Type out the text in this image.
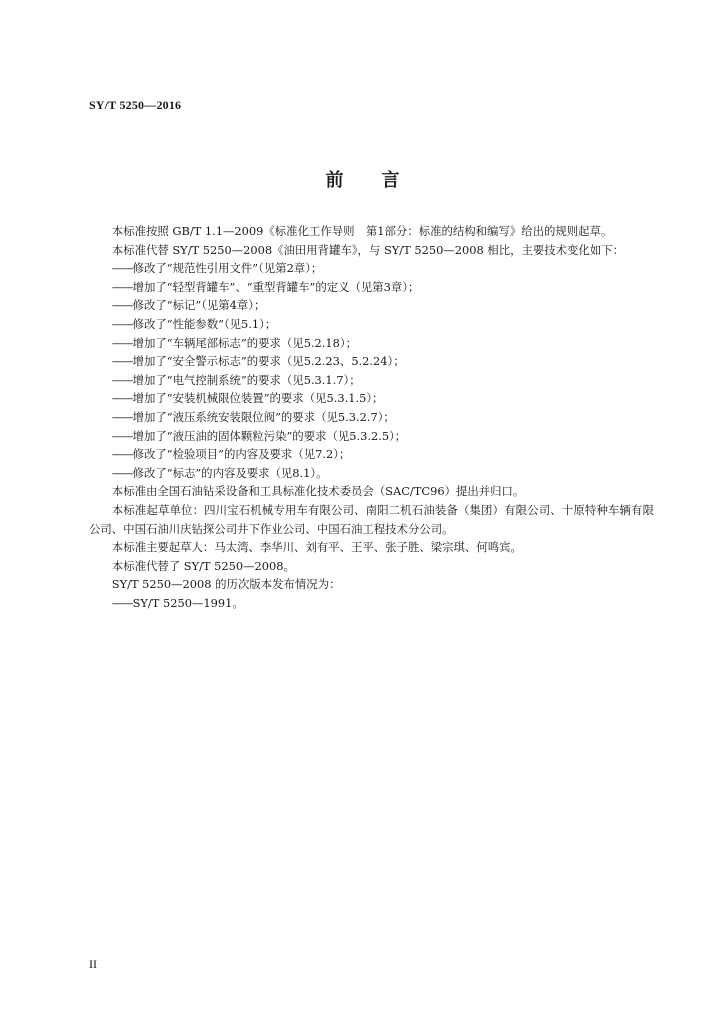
SY/T 5250—2016
前 言

本标准按照 GB/T 1.1—2009《标准化工作导则　第1部分：标准的结构和编写》给出的规则起草。

本标准代替 SY/T 5250—2008《油田用背罐车》，与 SY/T 5250—2008 相比，主要技术变化如下：

——修改了“规范性引用文件”（见第2章）；

——增加了“轻型背罐车”、“重型背罐车”的定义（见第3章）；

——修改了“标记”（见第4章）；

——修改了“性能参数”（见5.1）；

——增加了“车辆尾部标志”的要求（见5.2.18）；

——增加了“安全警示标志”的要求（见5.2.23、5.2.24）；

——增加了“电气控制系统”的要求（见5.3.1.7）；

——增加了“安装机械限位装置”的要求（见5.3.1.5）；

——增加了“液压系统安装限位阀”的要求（见5.3.2.7）；

——增加了“液压油的固体颗粒污染”的要求（见5.3.2.5）；

——修改了“检验项目”的内容及要求（见7.2）；

——修改了“标志”的内容及要求（见8.1）。

本标准由全国石油钻采设备和工具标准化技术委员会（SAC/TC96）提出并归口。

本标准起草单位：四川宝石机械专用车有限公司、南阳二机石油装备（集团）有限公司、十原特种车辆有限公司、中国石油川庆钻探公司井下作业公司、中国石油工程技术分公司。

本标准主要起草人：马太湾、李华川、刘有平、王平、张子胜、梁宗琪、何鸣宾。

本标准代替了 SY/T 5250—2008。

SY/T 5250—2008 的历次版本发布情况为：

——SY/T 5250—1991。

II
